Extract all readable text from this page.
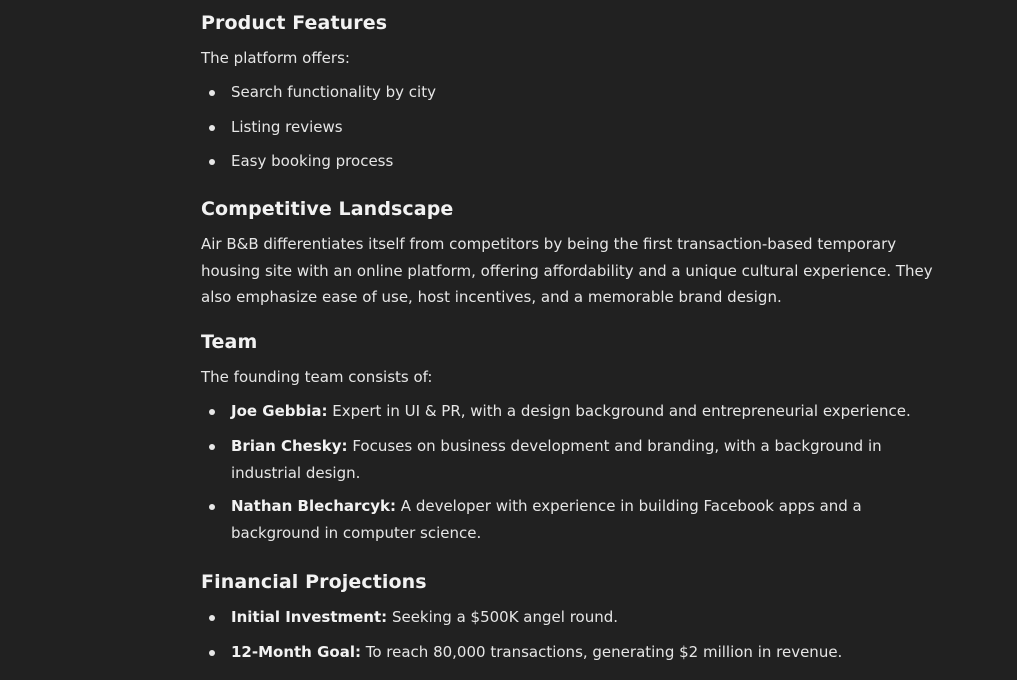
Product Features

The platform offers:

Search functionality by city
Listing reviews
Easy booking process
Competitive Landscape

Air B&B differentiates itself from competitors by being the first transaction-based temporary

housing site with an online platform, offering affordability and a unique cultural experience. They

also emphasize ease of use, host incentives, and a memorable brand design.

Team

The founding team consists of:

Joe Gebbia: Expert in UI & PR, with a design background and entrepreneurial experience.
Brian Chesky: Focuses on business development and branding, with a background in
industrial design.
Nathan Blecharcyk: A developer with experience in building Facebook apps and a
background in computer science.
Financial Projections
Initial Investment: Seeking a $500K angel round.
12-Month Goal: To reach 80,000 transactions, generating $2 million in revenue.
